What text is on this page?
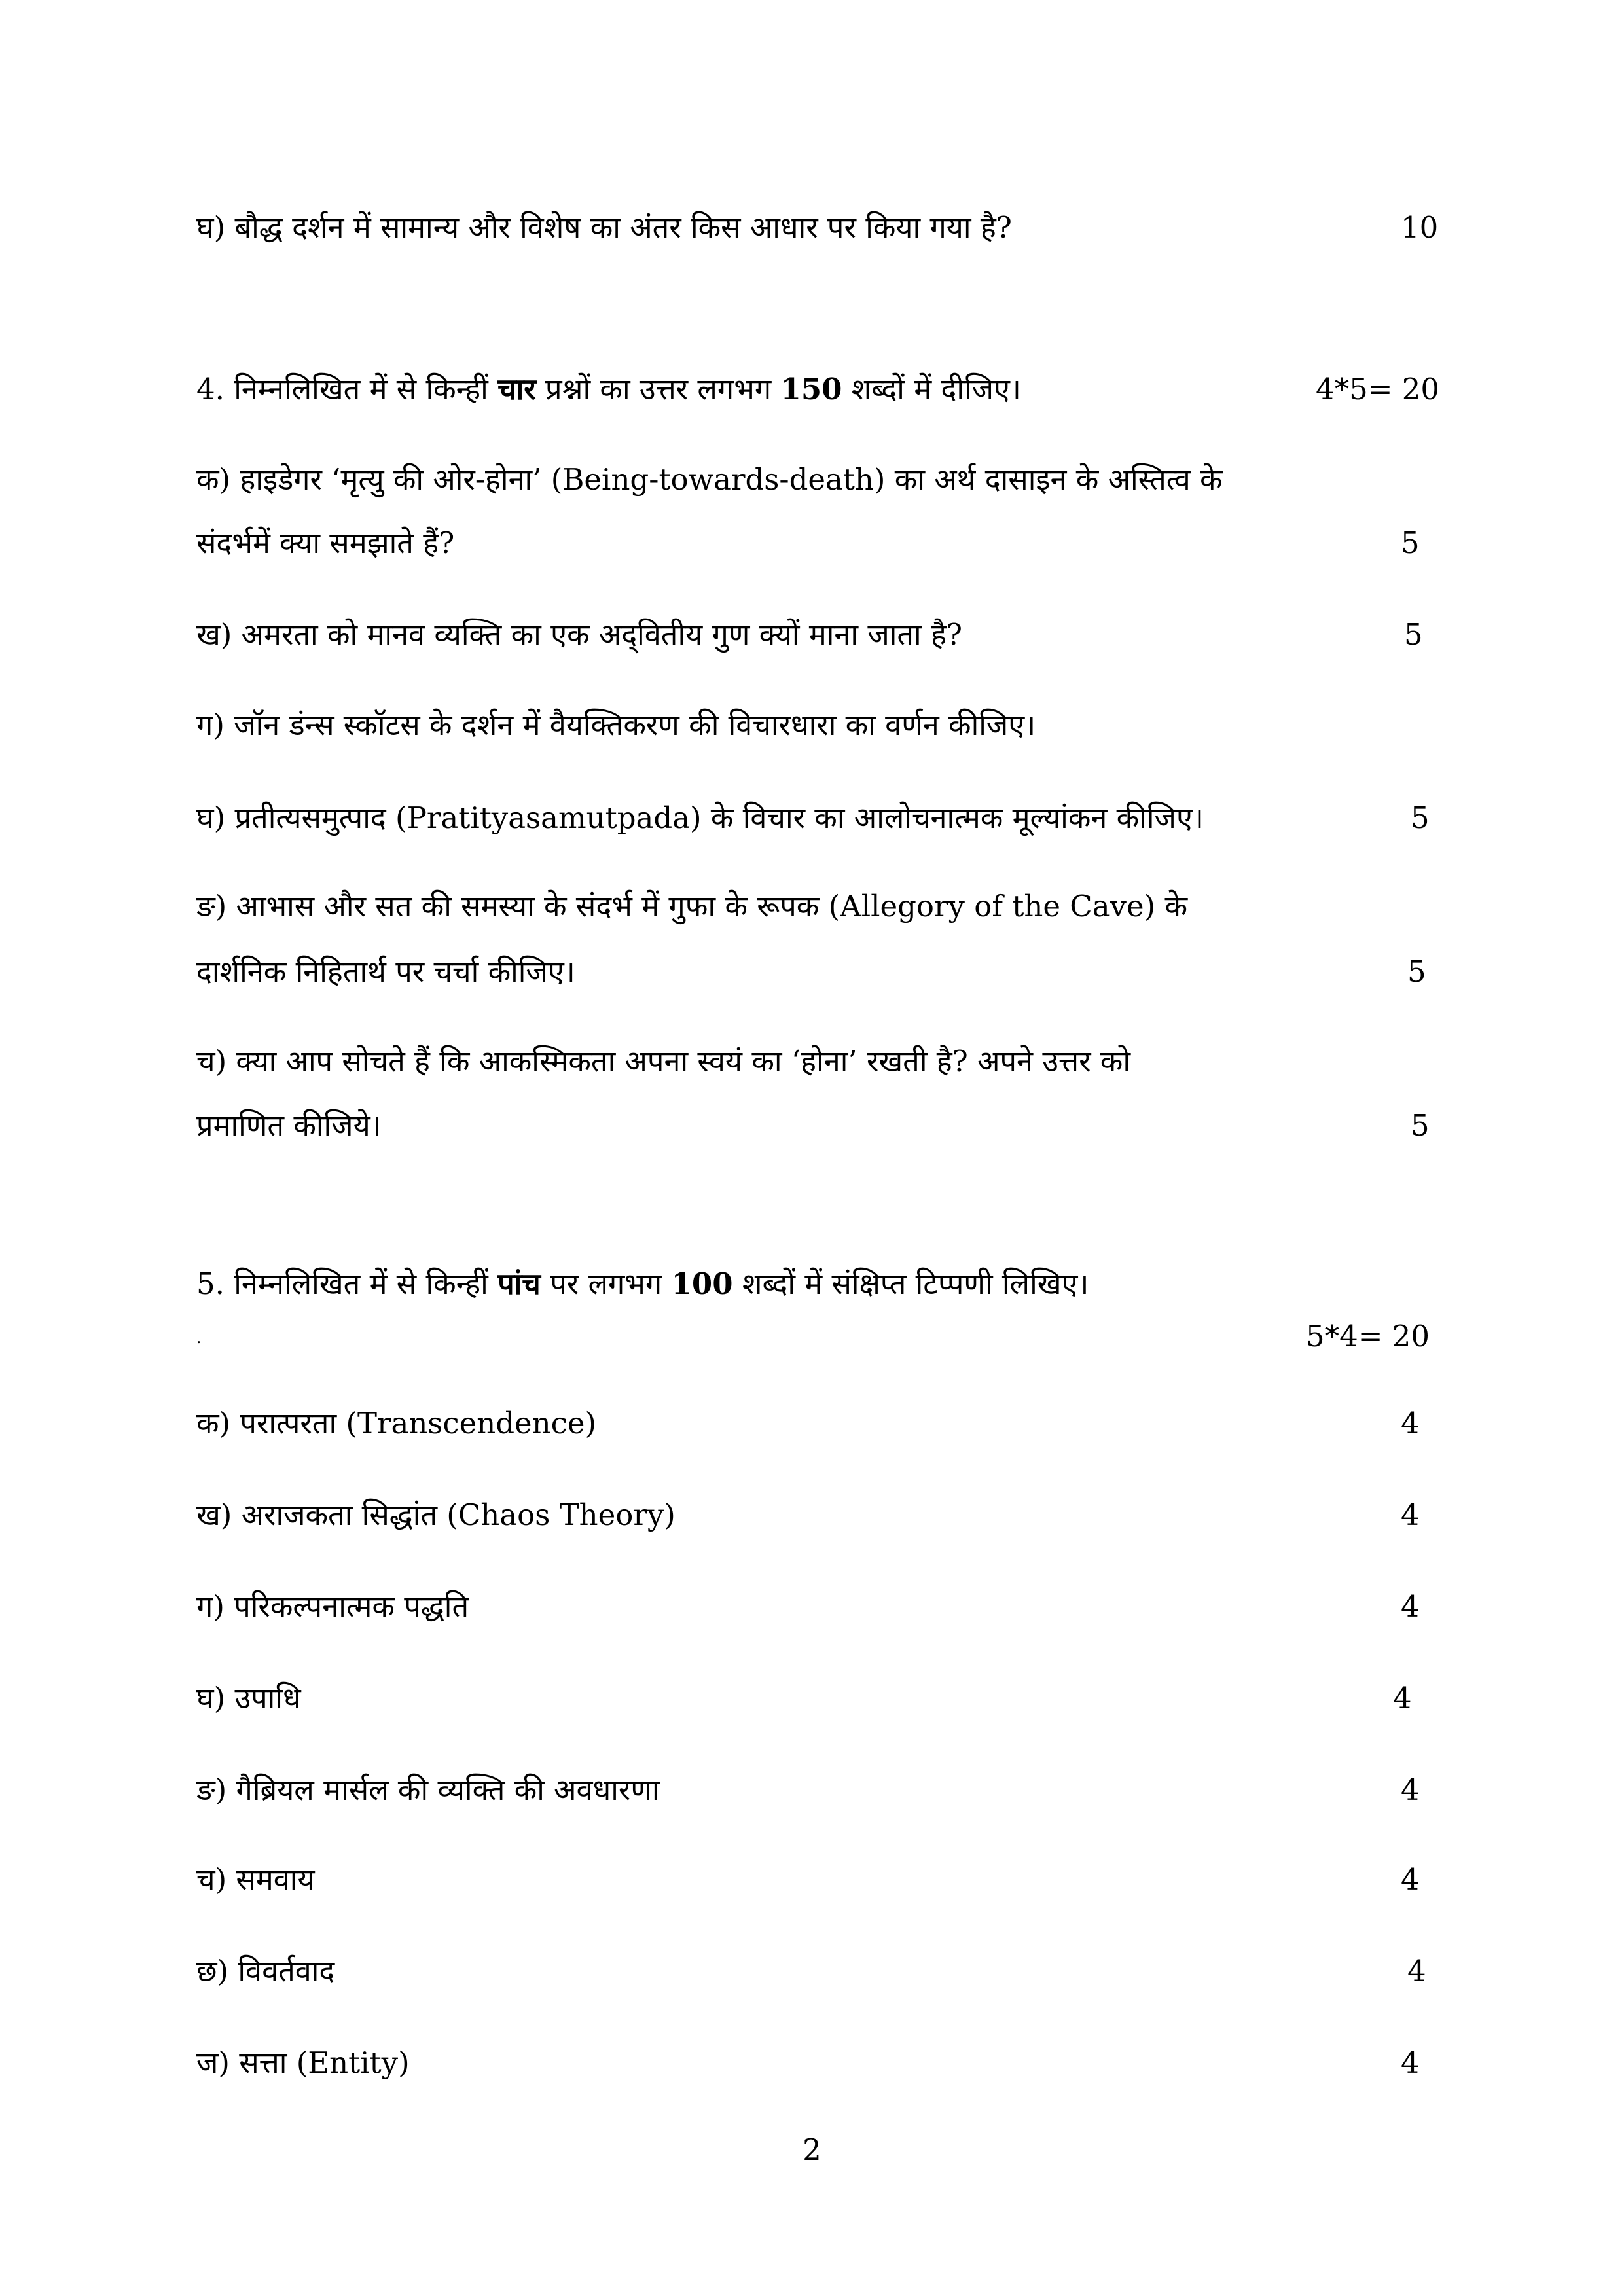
घ) बौद्ध दर्शन में सामान्य और विशेष का अंतर किस आधार पर किया गया है?	10
4. निम्नलिखित में से किन्हीं चार प्रश्नों का उत्तर लगभग 150 शब्दों में दीजिए।	4*5= 20
क) हाइडेगर ‘मृत्यु की ओर-होना’ (Being-towards-death) का अर्थ दासाइन के अस्तित्व के
संदर्भमें क्या समझाते हैं?	5
ख) अमरता को मानव व्यक्ति का एक अद्‌वितीय गुण क्यों माना जाता है?	5
ग) जॉन डंन्स स्कॉटस के दर्शन में वैयक्तिकरण की विचारधारा का वर्णन कीजिए।
घ) प्रतीत्यसमुत्पाद (Pratityasamutpada) के विचार का आलोचनात्मक मूल्यांकन कीजिए।	5
ङ) आभास और सत की समस्या के संदर्भ में गुफा के रूपक (Allegory of the Cave) के
दार्शनिक निहितार्थ पर चर्चा कीजिए।	5
च) क्या आप सोचते हैं कि आकस्मिकता अपना स्वयं का ‘होना’ रखती है? अपने उत्तर को
प्रमाणित कीजिये।	5
5. निम्नलिखित में से किन्हीं पांच पर लगभग 100 शब्दों में संक्षिप्त टिप्पणी लिखिए।
.	5*4= 20
क) परात्परता (Transcendence)	4
ख) अराजकता सिद्धांत (Chaos Theory)	4
ग) परिकल्पनात्मक पद्धति	4
घ) उपाधि	4
ङ) गैब्रियल मार्सल की व्यक्ति की अवधारणा	4
च) समवाय	4
छ) विवर्तवाद	4
ज) सत्ता (Entity)	4
2
